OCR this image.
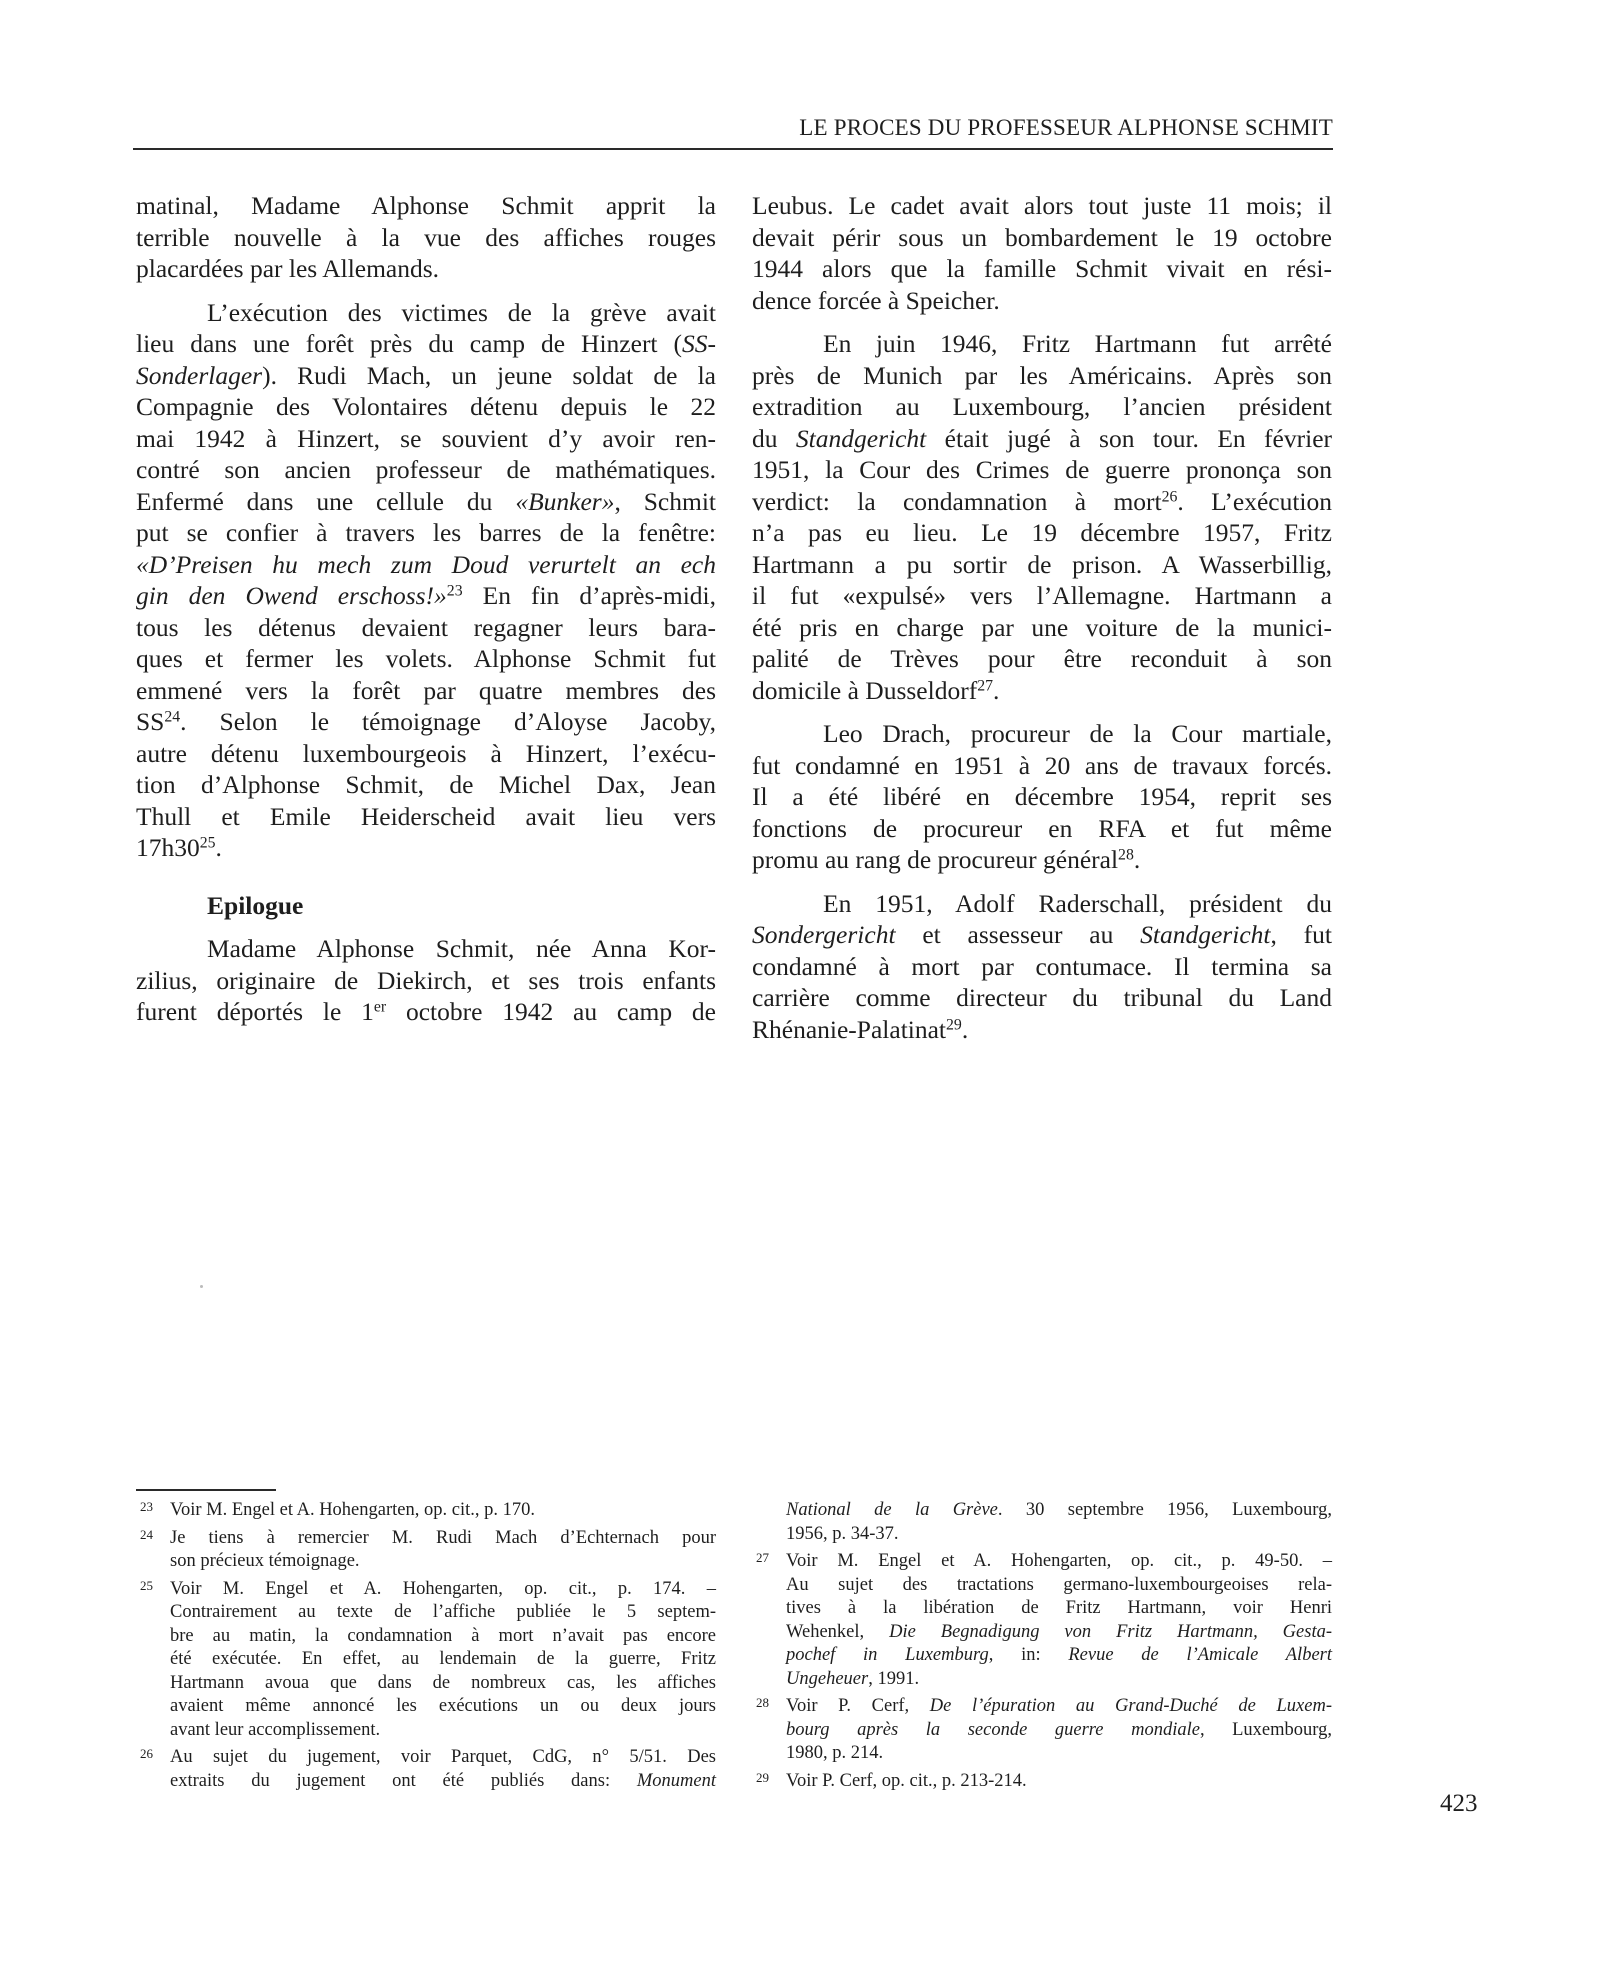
LE PROCES DU PROFESSEUR ALPHONSE SCHMIT
matinal, Madame Alphonse Schmit apprit la
terrible nouvelle à la vue des affiches rouges
placardées par les Allemands.
L’exécution des victimes de la grève avait
lieu dans une forêt près du camp de Hinzert (SS-
Sonderlager). Rudi Mach, un jeune soldat de la
Compagnie des Volontaires détenu depuis le 22
mai 1942 à Hinzert, se souvient d’y avoir ren-
contré son ancien professeur de mathématiques.
Enfermé dans une cellule du «Bunker», Schmit
put se confier à travers les barres de la fenêtre:
«D’Preisen hu mech zum Doud verurtelt an ech
gin den Owend erschoss!»$^{23}$ En fin d’après-midi,
tous les détenus devaient regagner leurs bara-
ques et fermer les volets. Alphonse Schmit fut
emmené vers la forêt par quatre membres des
SS$^{24}$. Selon le témoignage d’Aloyse Jacoby,
autre détenu luxembourgeois à Hinzert, l’exécu-
tion d’Alphonse Schmit, de Michel Dax, Jean
Thull et Emile Heiderscheid avait lieu vers
$17h30^{25}$.
Epilogue
Madame Alphonse Schmit, née Anna Kor-
zilius, originaire de Diekirch, et ses trois enfants
furent déportés le 1er octobre 1942 au camp de
Leubus. Le cadet avait alors tout juste 11 mois; il
devait périr sous un bombardement le 19 octobre
1944 alors que la famille Schmit vivait en rési-
dence forcée à Speicher.
En juin 1946, Fritz Hartmann fut arrêté
près de Munich par les Américains. Après son
extradition au Luxembourg, l’ancien président
du Standgericht était jugé à son tour. En février
1951, la Cour des Crimes de guerre prononça son
verdict: la condamnation à mort$^{26}$. L’exécution
n’a pas eu lieu. Le 19 décembre 1957, Fritz
Hartmann a pu sortir de prison. A Wasserbillig,
il fut «expulsé» vers l’Allemagne. Hartmann a
été pris en charge par une voiture de la munici-
palité de Trèves pour être reconduit à son
domicile à Dusseldorf$^{27}$.
Leo Drach, procureur de la Cour martiale,
fut condamné en 1951 à 20 ans de travaux forcés.
Il a été libéré en décembre 1954, reprit ses
fonctions de procureur en RFA et fut même
promu au rang de procureur général$^{28}$.
En 1951, Adolf Raderschall, président du
Sondergericht et assesseur au Standgericht, fut
condamné à mort par contumace. Il termina sa
carrière comme directeur du tribunal du Land
Rhénanie-Palatinat$^{29}$.
23 Voir M. Engel et A. Hohengarten, op. cit., p. 170.
24 Je tiens à remercier M. Rudi Mach d’Echternach pour
son précieux témoignage.
25 Voir M. Engel et A. Hohengarten, op. cit., p. 174. –
Contrairement au texte de l’affiche publiée le 5 septem-
bre au matin, la condamnation à mort n’avait pas encore
été exécutée. En effet, au lendemain de la guerre, Fritz
Hartmann avoua que dans de nombreux cas, les affiches
avaient même annoncé les exécutions un ou deux jours
avant leur accomplissement.
26 Au sujet du jugement, voir Parquet, CdG, n° 5/51. Des
extraits du jugement ont été publiés dans: Monument
National de la Grève. 30 septembre 1956, Luxembourg,
1956, p. 34-37.
27 Voir M. Engel et A. Hohengarten, op. cit., p. 49-50. –
Au sujet des tractations germano-luxembourgeoises rela-
tives à la libération de Fritz Hartmann, voir Henri
Wehenkel, Die Begnadigung von Fritz Hartmann, Gesta-
pochef in Luxemburg, in: Revue de l’Amicale Albert
Ungeheuer, 1991.
28 Voir P. Cerf, De l’épuration au Grand-Duché de Luxem-
bourg après la seconde guerre mondiale, Luxembourg,
1980, p. 214.
29 Voir P. Cerf, op. cit., p. 213-214.
423
